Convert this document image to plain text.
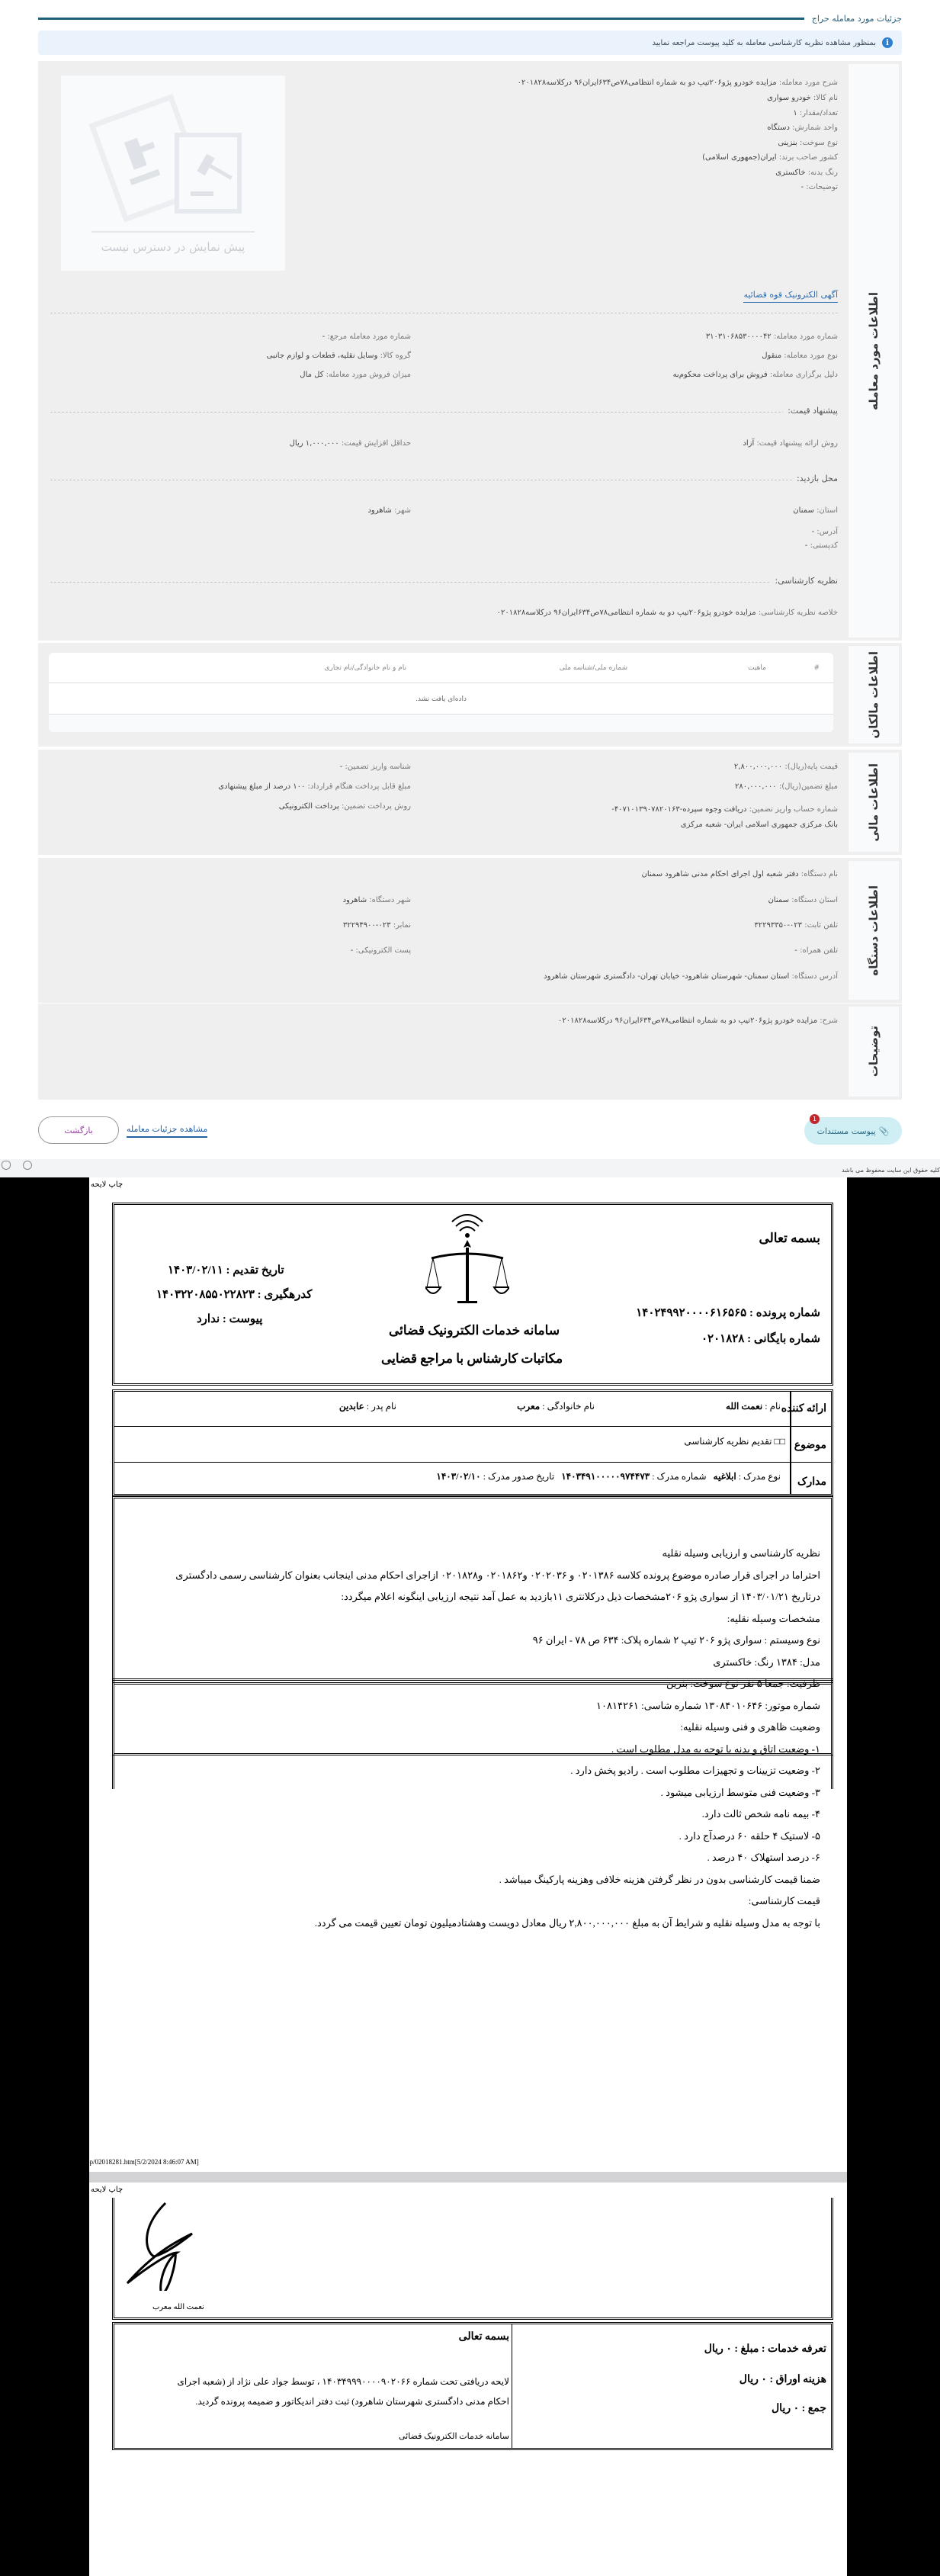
جزئیات مورد معامله حراج
i
بمنظور مشاهده نظریه کارشناسی معامله به کلید پیوست مراجعه نمایید
اطلاعات مورد معامله
شرح مورد معامله: مزایده خودرو پژو۲۰۶تیپ دو به شماره انتظامی۷۸ص۶۳۴ایران۹۶ درکلاسه۰۲۰۱۸۲۸
نام کالا: خودرو سواری
تعداد/مقدار: ۱
واحد شمارش: دستگاه
نوع سوخت: بنزینی
کشور صاحب برند: ایران(جمهوری اسلامی)
رنگ بدنه: خاکستری
توضیحات: -
پیش نمایش در دسترس نیست
آگهی الکترونیک قوه قضائیه
شماره مورد معامله: ۳۱۰۳۱۰۶۸۵۳۰۰۰۰۴۲
شماره مورد معامله مرجع: -
نوع مورد معامله: منقول
گروه کالا: وسایل نقلیه، قطعات و لوازم جانبی
دلیل برگزاری معامله: فروش برای پرداخت محکوم‌به
میزان فروش مورد معامله: کل مال
پیشنهاد قیمت:
روش ارائه پیشنهاد قیمت: آزاد
حداقل افزایش قیمت: ۱,۰۰۰,۰۰۰ ریال
محل بازدید:
استان: سمنان
شهر: شاهرود
آدرس: -
کدپستی: -
نظریه کارشناسی:
خلاصه نظریه کارشناسی: مزایده خودرو پژو۲۰۶تیپ دو به شماره انتظامی۷۸ص۶۳۴ایران۹۶ درکلاسه۰۲۰۱۸۲۸
اطلاعات مالکان
#
ماهیت
شماره ملی/شناسه ملی
نام و نام خانوادگی/نام تجاری
داده‌ای یافت نشد.
اطلاعات مالی
قیمت پایه(ریال): ۲,۸۰۰,۰۰۰,۰۰۰
شناسه واریز تضمین: -
مبلغ تضمین(ریال): ۲۸۰,۰۰۰,۰۰۰
مبلغ قابل پرداخت هنگام قرارداد: ۱۰۰ درصد از مبلغ پیشنهادی
شماره حساب واریز تضمین: دریافت وجوه سپرده-۴۰۷۱۰۱۳۹۰۷۸۲۰۱۶۳- بانک مرکزی جمهوری اسلامی ایران- شعبه مرکزی
روش پرداخت تضمین: پرداخت الکترونیکی
اطلاعات دستگاه
نام دستگاه: دفتر شعبه اول اجرای احکام مدنی شاهرود سمنان
استان دستگاه: سمنان
شهر دستگاه: شاهرود
تلفن ثابت: ۰۲۳-۳۲۲۹۳۳۵۰
نمابر: ۰۲۳-۳۲۲۹۴۹۰۰
تلفن همراه: -
پست الکترونیکی: -
آدرس دستگاه: استان سمنان- شهرستان شاهرود- خیابان تهران- دادگستری شهرستان شاهرود
توضیحات
شرح: مزایده خودرو پژو۲۰۶تیپ دو به شماره انتظامی۷۸ص۶۳۴ایران۹۶ درکلاسه۰۲۰۱۸۲۸
1
📎
پیوست مستندات
مشاهده جزئیات معامله
بازگشت
کلیه حقوق این سایت محفوظ می باشد
چاپ لایحه
بسمه تعالی
شماره پرونده : ۱۴۰۲۴۹۹۲۰۰۰۰۶۱۶۵۶۵
شماره بایگانی : ۰۲۰۱۸۲۸
سامانه خدمات الکترونیک قضائی
مکاتبات کارشناس با مراجع قضایی
تاریخ تقدیم : ۱۴۰۳/۰۲/۱۱
کدرهگیری : ۱۴۰۳۲۲۰۸۵۵۰۲۲۸۲۳
پیوست : ندارد
ارائه کننده
نام : نعمت الله
نام خانوادگی : معرب
نام پدر : عابدین
موضوع
□□ تقدیم نظریه کارشناسی
مدارک
نوع مدرک : ابلاغیه   شماره مدرک : ۱۴۰۳۴۹۱۰۰۰۰۰۹۷۴۴۷۳   تاریخ صدور مدرک : ۱۴۰۳/۰۲/۱۰
نظریه کارشناسی و ارزیابی وسیله نقلیه
احتراما در اجرای قرار صادره موضوع پرونده کلاسه ۰۲۰۱۳۸۶ و ۰۲۰۲۰۳۶ و۰۲۰۱۸۶۲ و۰۲۰۱۸۲۸ ازاجرای احکام مدنی اینجانب بعنوان کارشناسی رسمی دادگستری
درتاریخ ۱۴۰۳/۰۱/۲۱ از سواری پژو ۲۰۶مشخصات ذیل درکلانتری ۱۱بازدید به عمل آمد نتیجه ارزیابی اینگونه اعلام میگردد:
مشخصات وسیله نقلیه:
نوع وسیستم : سواری پژو ۲۰۶ تیپ ۲ شماره پلاک: ۶۳۴ ص ۷۸ - ایران ۹۶
مدل: ۱۳۸۴ رنگ: خاکستری
ظرفیت: جمعا ۵ نفر نوع سوخت: بنزین
شماره موتور: ۱۳۰۸۴۰۱۰۶۴۶ شماره شاسی: ۱۰۸۱۴۲۶۱
وضعیت ظاهری و فنی وسیله نقلیه:
۱- وضعیت اتاق و بدنه با توجه به مدل مطلوب است .
۲- وضعیت تزیینات و تجهیزات مطلوب است . رادیو پخش دارد .
۳- وضعیت فنی متوسط ارزیابی میشود .
۴- بیمه نامه شخص ثالث دارد.
۵- لاستیک ۴ حلقه ۶۰ درصدآج دارد .
۶- درصد استهلاک ۴۰ درصد .
ضمنا قیمت کارشناسی بدون در نظر گرفتن هزینه خلافی وهزینه پارکینگ میباشد .
قیمت کارشناسی:
با توجه به مدل وسیله نقلیه و شرایط آن به مبلغ ۲,۸۰۰,۰۰۰,۰۰۰ ریال معادل دویست وهشتادمیلیون تومان تعیین قیمت می گردد.
file:///C/Users/15332605/Desktop/02018281.htm[5/2/2024 8:46:07 AM]
چاپ لایحه
نعمت الله معرب
تعرفه خدمات : مبلغ : ۰ ریال
هزینه اوراق : ۰ ریال
جمع : ۰ ریال
بسمه تعالی
لایحه دریافتی تحت شماره ۱۴۰۳۴۹۹۹۰۰۰۰۹۰۲۰۶۶ ، توسط جواد علی نژاد از (شعبه اجرای
احکام مدنی دادگستری شهرستان شاهرود) ثبت دفتر اندیکاتور و ضمیمه پرونده گردید.
سامانه خدمات الکترونیک قضائی
